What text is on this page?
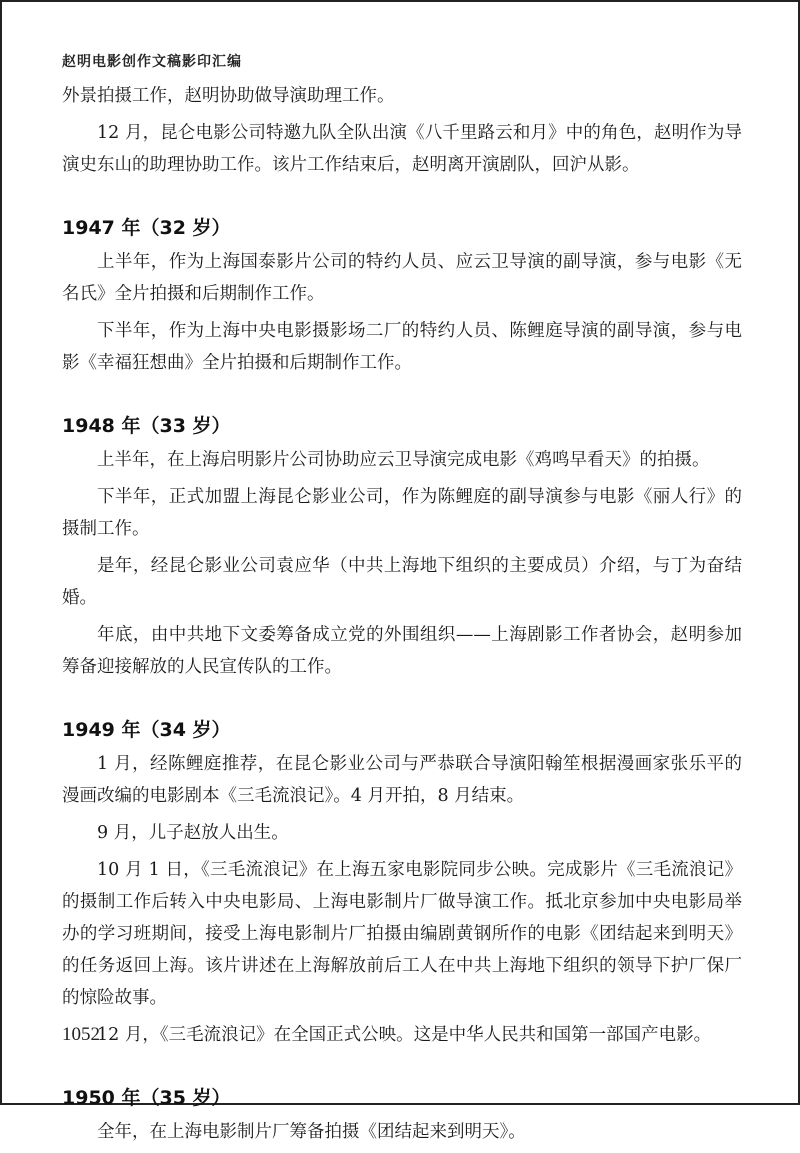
赵明电影创作文稿影印汇编

外景拍摄工作，赵明协助做导演助理工作。

12 月，昆仑电影公司特邀九队全队出演《八千里路云和月》中的角色，赵明作为导演史东山的助理协助工作。该片工作结束后，赵明离开演剧队，回沪从影。

1947 年（32 岁）

上半年，作为上海国泰影片公司的特约人员、应云卫导演的副导演，参与电影《无名氏》全片拍摄和后期制作工作。

下半年，作为上海中央电影摄影场二厂的特约人员、陈鲤庭导演的副导演，参与电影《幸福狂想曲》全片拍摄和后期制作工作。

1948 年（33 岁）

上半年，在上海启明影片公司协助应云卫导演完成电影《鸡鸣早看天》的拍摄。

下半年，正式加盟上海昆仑影业公司，作为陈鲤庭的副导演参与电影《丽人行》的摄制工作。

是年，经昆仑影业公司袁应华（中共上海地下组织的主要成员）介绍，与丁为奋结婚。

年底，由中共地下文委筹备成立党的外围组织——上海剧影工作者协会，赵明参加筹备迎接解放的人民宣传队的工作。

1949 年（34 岁）

1 月，经陈鲤庭推荐，在昆仑影业公司与严恭联合导演阳翰笙根据漫画家张乐平的漫画改编的电影剧本《三毛流浪记》。4 月开拍，8 月结束。

9 月，儿子赵放人出生。

10 月 1 日，《三毛流浪记》在上海五家电影院同步公映。完成影片《三毛流浪记》的摄制工作后转入中央电影局、上海电影制片厂做导演工作。抵北京参加中央电影局举办的学习班期间，接受上海电影制片厂拍摄由编剧黄钢所作的电影《团结起来到明天》的任务返回上海。该片讲述在上海解放前后工人在中共上海地下组织的领导下护厂保厂的惊险故事。

12 月，《三毛流浪记》在全国正式公映。这是中华人民共和国第一部国产电影。

1950 年（35 岁）

全年，在上海电影制片厂筹备拍摄《团结起来到明天》。

1052
